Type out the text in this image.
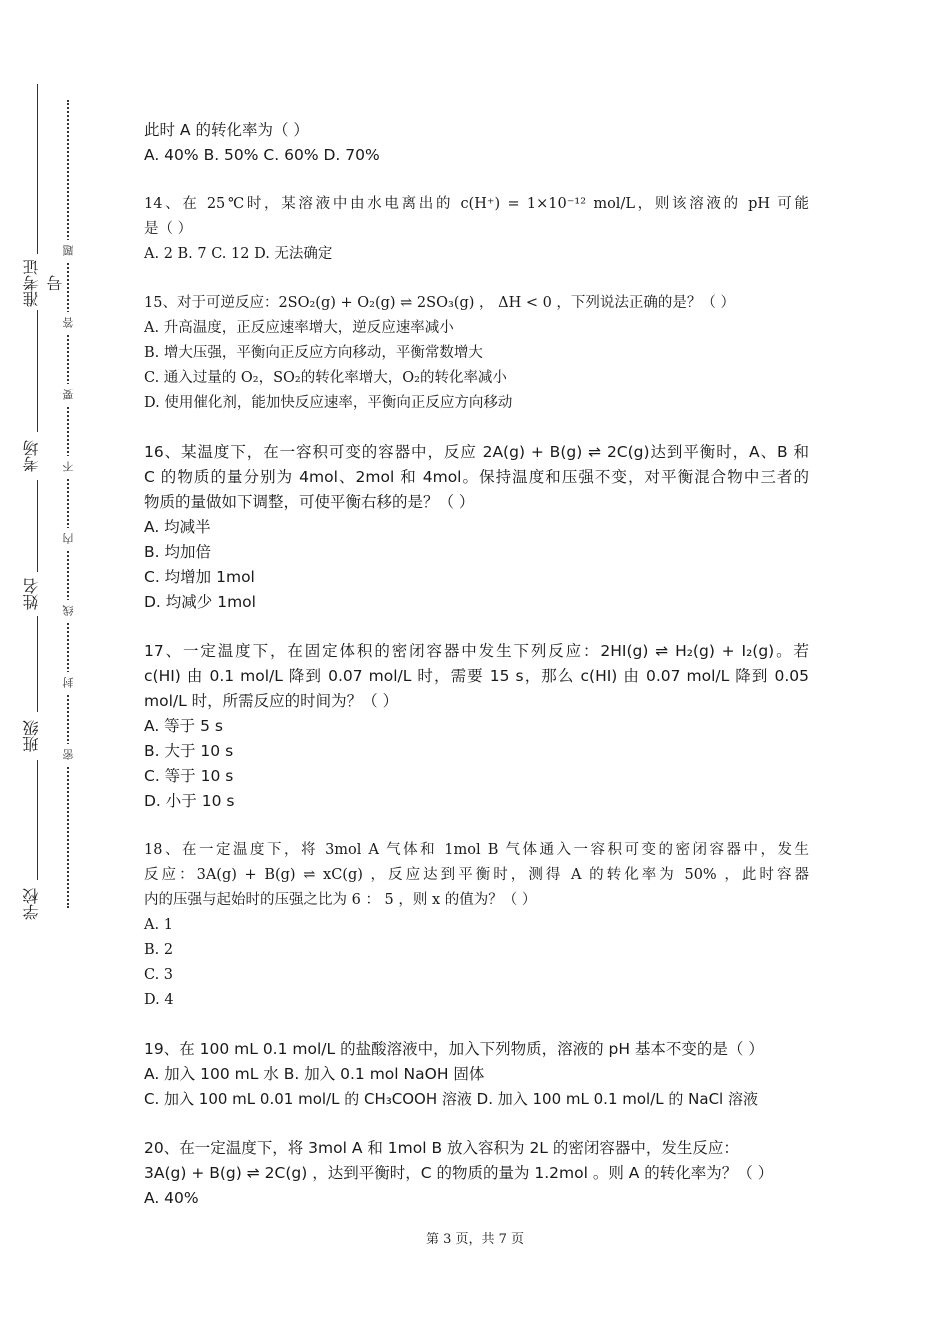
准考证号
考场
姓名
班级
学校
题
答
要
不
内
线
封
密
此时 A 的转化率为（ ）
A. 40% B. 50% C. 60% D. 70%
14、在 25℃时，某溶液中由水电离出的 c(H⁺) = 1×10⁻¹² mol/L，则该溶液的 pH 可能
是（ ）
A. 2 B. 7 C. 12 D. 无法确定
15、对于可逆反应：2SO₂(g) + O₂(g) ⇌ 2SO₃(g) ， ΔH < 0 ，下列说法正确的是？（ ）
A. 升高温度，正反应速率增大，逆反应速率减小
B. 增大压强，平衡向正反应方向移动，平衡常数增大
C. 通入过量的 O₂，SO₂的转化率增大，O₂的转化率减小
D. 使用催化剂，能加快反应速率，平衡向正反应方向移动
16、某温度下，在一容积可变的容器中，反应 2A(g) + B(g) ⇌ 2C(g)达到平衡时，A、B 和
C 的物质的量分别为 4mol、2mol 和 4mol。保持温度和压强不变，对平衡混合物中三者的
物质的量做如下调整，可使平衡右移的是？（ ）
A. 均减半
B. 均加倍
C. 均增加 1mol
D. 均减少 1mol
17、一定温度下，在固定体积的密闭容器中发生下列反应：2HI(g) ⇌ H₂(g) + I₂(g)。若
c(HI) 由 0.1 mol/L 降到 0.07 mol/L 时，需要 15 s，那么 c(HI) 由 0.07 mol/L 降到 0.05
mol/L 时，所需反应的时间为？（ ）
A. 等于 5 s
B. 大于 10 s
C. 等于 10 s
D. 小于 10 s
18、在一定温度下，将 3mol A 气体和 1mol B 气体通入一容积可变的密闭容器中，发生
反应：3A(g) + B(g) ⇌ xC(g) ，反应达到平衡时，测得 A 的转化率为 50% ，此时容器
内的压强与起始时的压强之比为 6 ： 5 ，则 x 的值为？（ ）
A. 1
B. 2
C. 3
D. 4
19、在 100 mL 0.1 mol/L 的盐酸溶液中，加入下列物质，溶液的 pH 基本不变的是（ ）
A. 加入 100 mL 水 B. 加入 0.1 mol NaOH 固体
C. 加入 100 mL 0.01 mol/L 的 CH₃COOH 溶液 D. 加入 100 mL 0.1 mol/L 的 NaCl 溶液
20、在一定温度下，将 3mol A 和 1mol B 放入容积为 2L 的密闭容器中，发生反应：
3A(g) + B(g) ⇌ 2C(g) ，达到平衡时，C 的物质的量为 1.2mol 。则 A 的转化率为？（ ）
A. 40%
第 3 页，共 7 页
